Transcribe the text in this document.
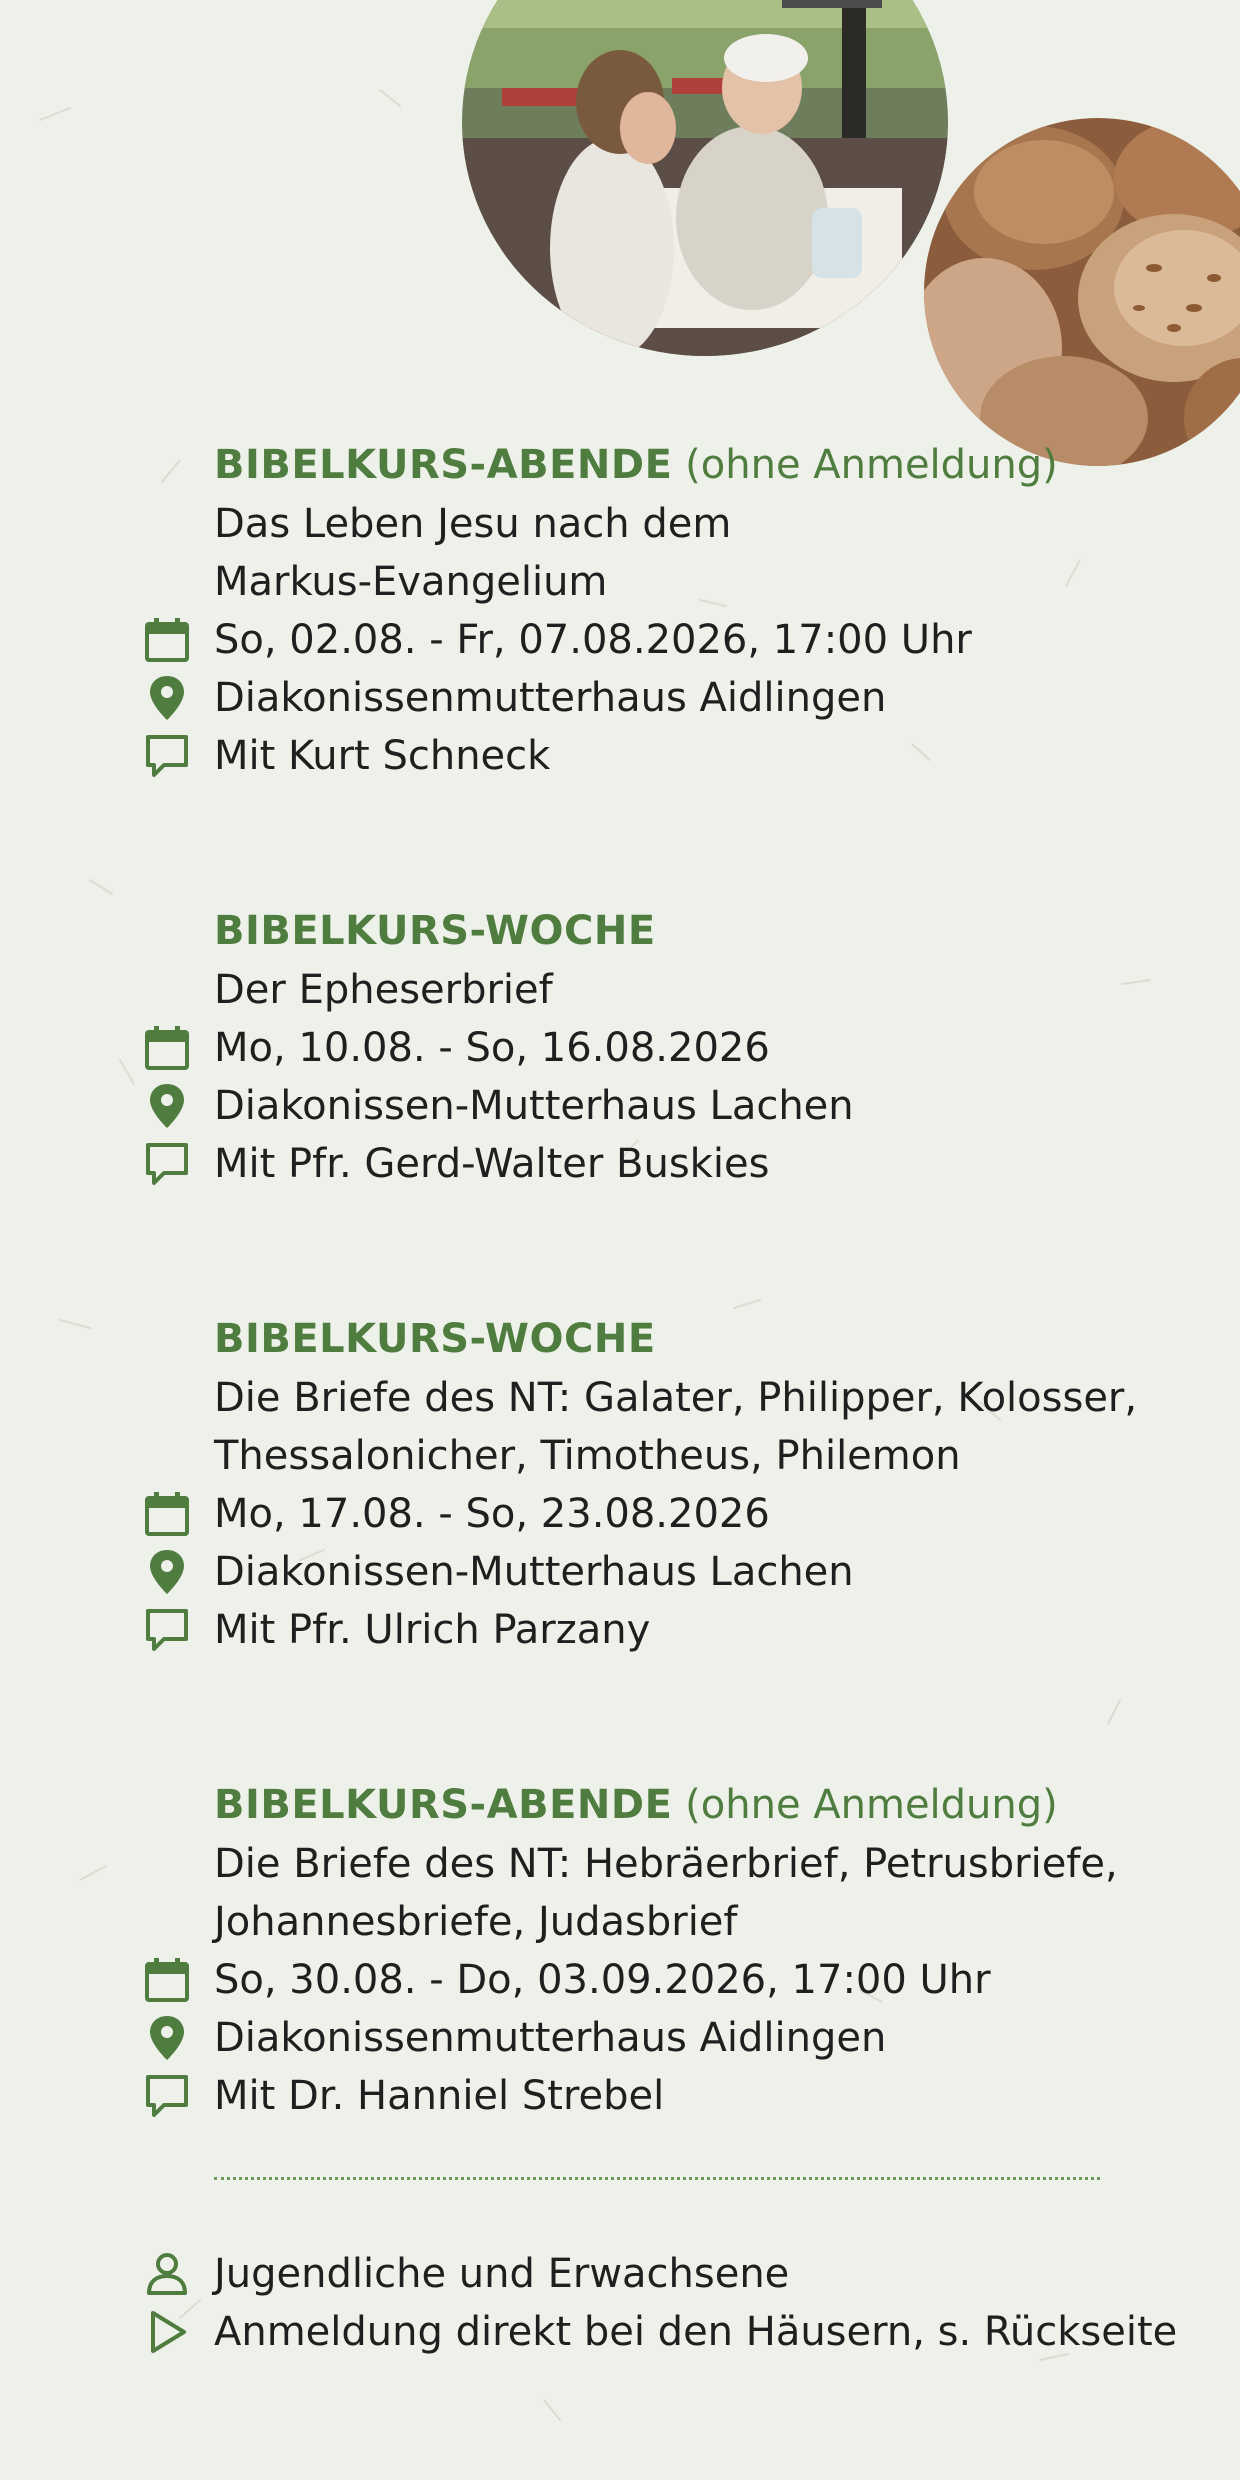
BIBELKURS-ABENDE (ohne Anmeldung)
Das Leben Jesu nach dem
Markus-Evangelium
So, 02.08. - Fr, 07.08.2026, 17:00 Uhr
Diakonissenmutterhaus Aidlingen
Mit Kurt Schneck
BIBELKURS-WOCHE
Der Epheserbrief
Mo, 10.08. - So, 16.08.2026
Diakonissen-Mutterhaus Lachen
Mit Pfr. Gerd-Walter Buskies
BIBELKURS-WOCHE
Die Briefe des NT: Galater, Philipper, Kolosser,
Thessalonicher, Timotheus, Philemon
Mo, 17.08. - So, 23.08.2026
Diakonissen-Mutterhaus Lachen
Mit Pfr. Ulrich Parzany
BIBELKURS-ABENDE (ohne Anmeldung)
Die Briefe des NT: Hebräerbrief, Petrusbriefe,
Johannesbriefe, Judasbrief
So, 30.08. - Do, 03.09.2026, 17:00 Uhr
Diakonissenmutterhaus Aidlingen
Mit Dr. Hanniel Strebel
Jugendliche und Erwachsene
Anmeldung direkt bei den Häusern, s. Rückseite
